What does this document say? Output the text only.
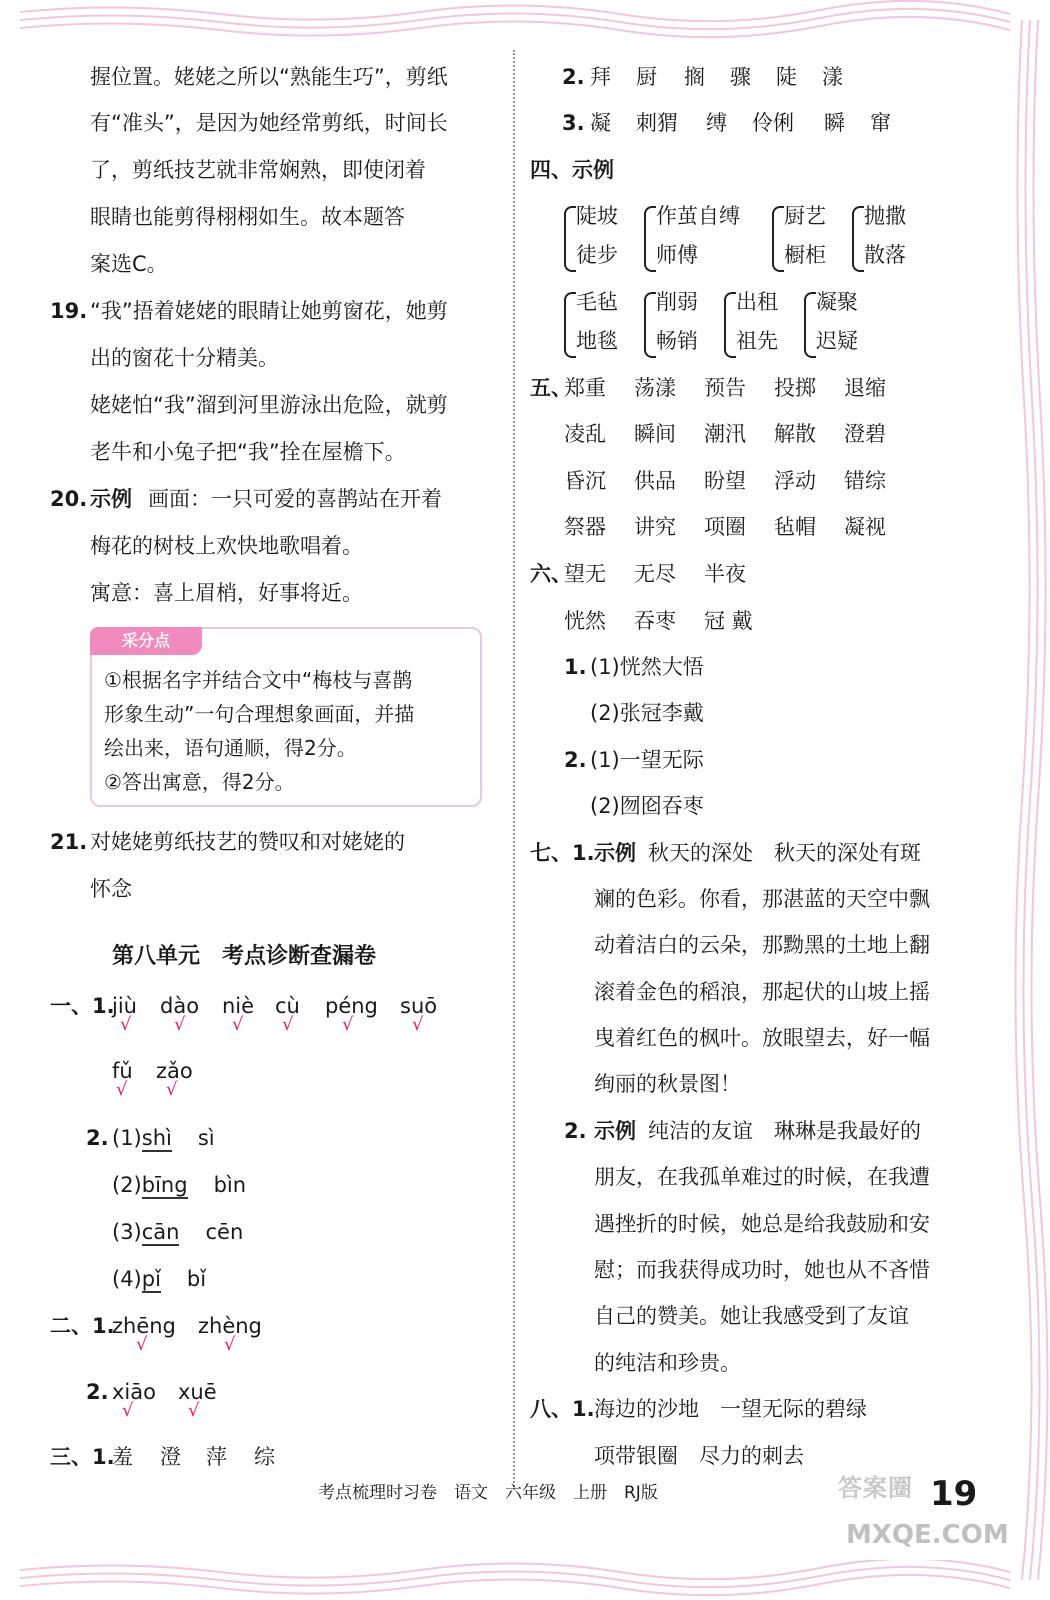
握位置。姥姥之所以“熟能生巧”，剪纸
有“准头”，是因为她经常剪纸，时间长
了，剪纸技艺就非常娴熟，即使闭着
眼睛也能剪得栩栩如生。故本题答
案选C。
19. “我”捂着姥姥的眼睛让她剪窗花，她剪
出的窗花十分精美。
姥姥怕“我”溜到河里游泳出危险，就剪
老牛和小兔子把“我”拴在屋檐下。
20. 示例 画面：一只可爱的喜鹊站在开着
梅花的树枝上欢快地歌唱着。
寓意：喜上眉梢，好事将近。
采分点
①根据名字并结合文中“梅枝与喜鹊
形象生动”一句合理想象画面，并描
绘出来，语句通顺，得2分。
②答出寓意，得2分。
21. 对姥姥剪纸技艺的赞叹和对姥姥的
怀念
第八单元　考点诊断查漏卷
一、1.
jiù dào niè cù péng suō
√ √	√ √	√	√
fǔ zǎo
√ √
2. (1)shì sì
(2)bīng bìn
(3)cān cēn
(4)pǐ bǐ
二、1.
zhēng zhèng
√	√
2. xiāo xuē
√	√
三、1.
羞 澄 萍 综
2. 拜 厨 搁 骤 陡 漾
3. 凝 刺猬 缚 伶俐 瞬 窜
四、示例
陡坡
徒步
作茧自缚
师傅
厨艺
橱柜
抛撒
散落
毛毡
地毯
削弱
畅销
出租
祖先
凝聚
迟疑
五、
郑重 荡漾 预告 投掷 退缩
凌乱 瞬间 潮汛 解散 澄碧
昏沉 供品 盼望 浮动 错综
祭器 讲究 项圈 毡帽 凝视
六、
望无 无尽 半夜
恍然 吞枣 冠 戴
1. (1)恍然大悟
(2)张冠李戴
2. (1)一望无际
(2)囫囵吞枣
七、1. 示例 秋天的深处　秋天的深处有斑
斓的色彩。你看，那湛蓝的天空中飘
动着洁白的云朵，那黝黑的土地上翻
滚着金色的稻浪，那起伏的山坡上摇
曳着红色的枫叶。放眼望去，好一幅
绚丽的秋景图！
2. 示例 纯洁的友谊　琳琳是我最好的
朋友，在我孤单难过的时候，在我遭
遇挫折的时候，她总是给我鼓励和安
慰；而我获得成功时，她也从不吝惜
自己的赞美。她让我感受到了友谊
的纯洁和珍贵。
八、1. 海边的沙地　一望无际的碧绿
项带银圈　尽力的刺去
考点梳理时习卷　语文　六年级　上册　RJ版	答案圈
MXQE.COM
19
